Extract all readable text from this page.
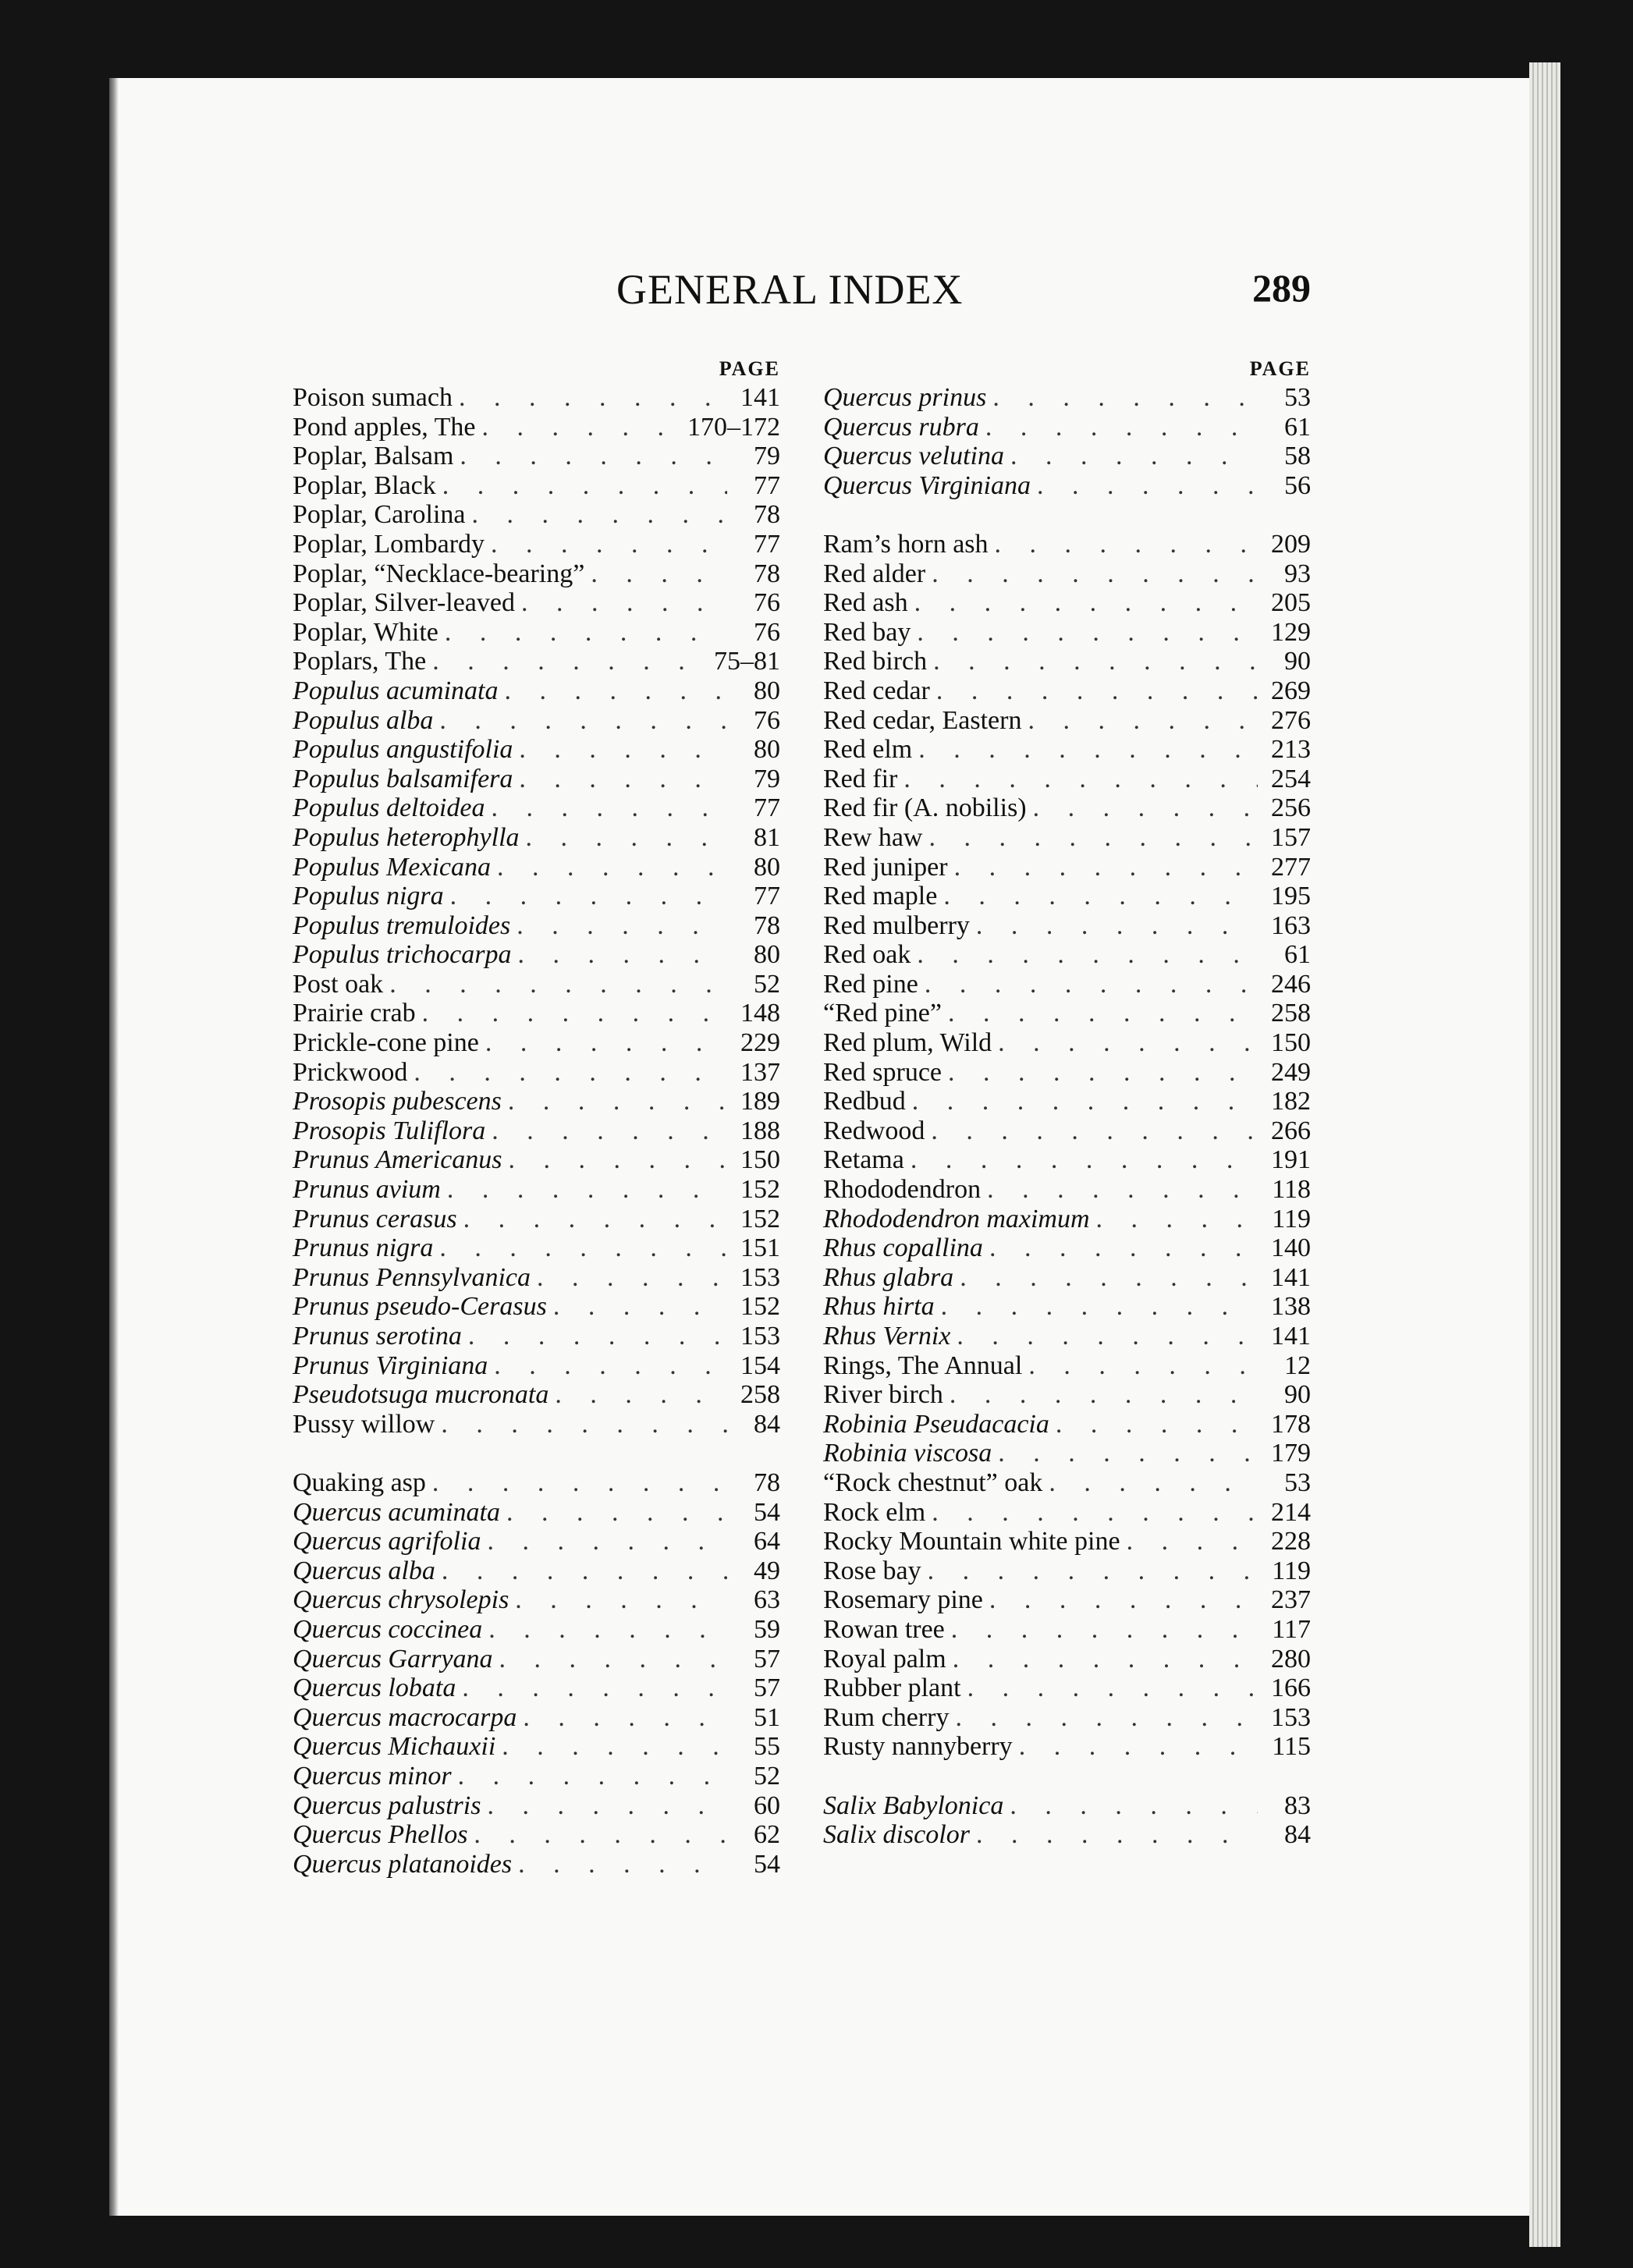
GENERAL INDEX	289
PAGE
Poison sumach . . .	141
Pond apples, The . . .	170–172
Poplar, Balsam . . .	79
Poplar, Black . . .	77
Poplar, Carolina . . .	78
Poplar, Lombardy . . .	77
Poplar, “Necklace-bearing” . . .	78
Poplar, Silver-leaved . . .	76
Poplar, White . . .	76
Poplars, The . . .	75–81
Populus acuminata . . .	80
Populus alba . . .	76
Populus angustifolia . . .	80
Populus balsamifera . . .	79
Populus deltoidea . . .	77
Populus heterophylla . . .	81
Populus Mexicana . . .	80
Populus nigra . . .	77
Populus tremuloides . . .	78
Populus trichocarpa . . .	80
Post oak . . .	52
Prairie crab . . .	148
Prickle-cone pine . . .	229
Prickwood . . .	137
Prosopis pubescens . . .	189
Prosopis Tuliflora . . .	188
Prunus Americanus . . .	150
Prunus avium . . .	152
Prunus cerasus . . .	152
Prunus nigra . . .	151
Prunus Pennsylvanica . . .	153
Prunus pseudo-Cerasus . . .	152
Prunus serotina . . .	153
Prunus Virginiana . . .	154
Pseudotsuga mucronata . . .	258
Pussy willow . . .	84
Quaking asp . . .	78
Quercus acuminata . . .	54
Quercus agrifolia . . .	64
Quercus alba . . .	49
Quercus chrysolepis . . .	63
Quercus coccinea . . .	59
Quercus Garryana . . .	57
Quercus lobata . . .	57
Quercus macrocarpa . . .	51
Quercus Michauxii . . .	55
Quercus minor . . .	52
Quercus palustris . . .	60
Quercus Phellos . . .	62
Quercus platanoides . . .	54
PAGE
Quercus prinus . . .	53
Quercus rubra . . .	61
Quercus velutina . . .	58
Quercus Virginiana . . .	56
Ram’s horn ash . . .	209
Red alder . . .	93
Red ash . . .	205
Red bay . . .	129
Red birch . . .	90
Red cedar . . .	269
Red cedar, Eastern . . .	276
Red elm . . .	213
Red fir . . .	254
Red fir (A. nobilis) . . .	256
Rew haw . . .	157
Red juniper . . .	277
Red maple . . .	195
Red mulberry . . .	163
Red oak . . .	61
Red pine . . .	246
“Red pine” . . .	258
Red plum, Wild . . .	150
Red spruce . . .	249
Redbud . . .	182
Redwood . . .	266
Retama . . .	191
Rhododendron . . .	118
Rhododendron maximum . . .	119
Rhus copallina . . .	140
Rhus glabra . . .	141
Rhus hirta . . .	138
Rhus Vernix . . .	141
Rings, The Annual . . .	12
River birch . . .	90
Robinia Pseudacacia . . .	178
Robinia viscosa . . .	179
“Rock chestnut” oak . . .	53
Rock elm . . .	214
Rocky Mountain white pine . . .	228
Rose bay . . .	119
Rosemary pine . . .	237
Rowan tree . . .	117
Royal palm . . .	280
Rubber plant . . .	166
Rum cherry . . .	153
Rusty nannyberry . . .	115
Salix Babylonica . . .	83
Salix discolor . . .	84
